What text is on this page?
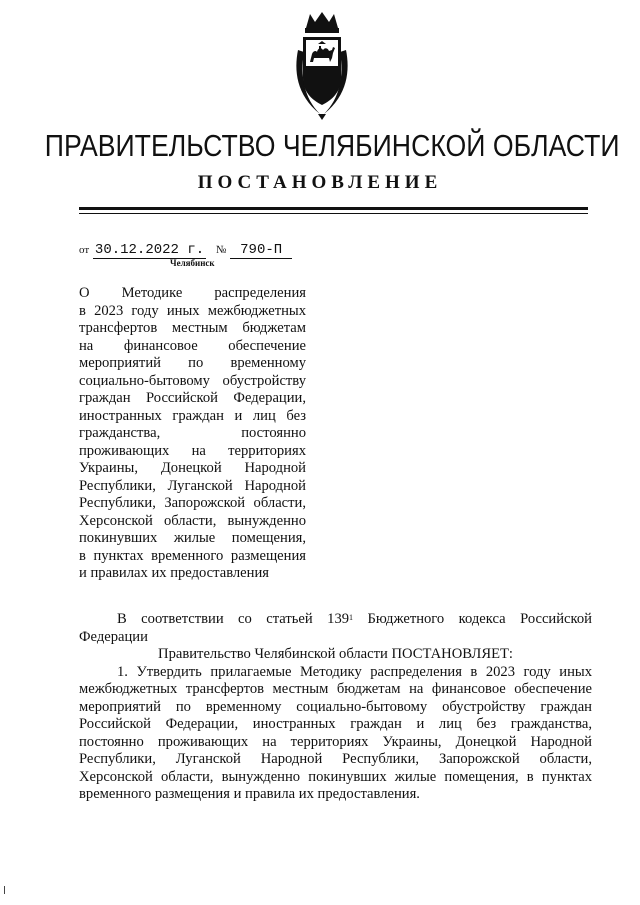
ПРАВИТЕЛЬСТВО ЧЕЛЯБИНСКОЙ ОБЛАСТИ
ПОСТАНОВЛЕНИЕ
от 30.12.2022 г. № 790-П
Челябинск
О Методике распределения
в 2023 году иных межбюджетных
трансфертов местным бюджетам
на финансовое обеспечение
мероприятий по временному
социально-бытовому обустройству
граждан Российской Федерации,
иностранных граждан и лиц без
гражданства, постоянно
проживающих на территориях
Украины, Донецкой Народной
Республики, Луганской Народной
Республики, Запорожской области,
Херсонской области, вынужденно
покинувших жилые помещения,
в пунктах временного размещения
и правилах их предоставления
В соответствии со статьей $139^1$ Бюджетного кодекса Российской
Федерации
Правительство Челябинской области ПОСТАНОВЛЯЕТ:
1. Утвердить прилагаемые Методику распределения в 2023 году иных
межбюджетных трансфертов местным бюджетам на финансовое обеспечение
мероприятий по временному социально-бытовому обустройству граждан
Российской Федерации, иностранных граждан и лиц без гражданства,
постоянно проживающих на территориях Украины, Донецкой Народной
Республики, Луганской Народной Республики, Запорожской области,
Херсонской области, вынужденно покинувших жилые помещения, в пунктах
временного размещения и правила их предоставления.
